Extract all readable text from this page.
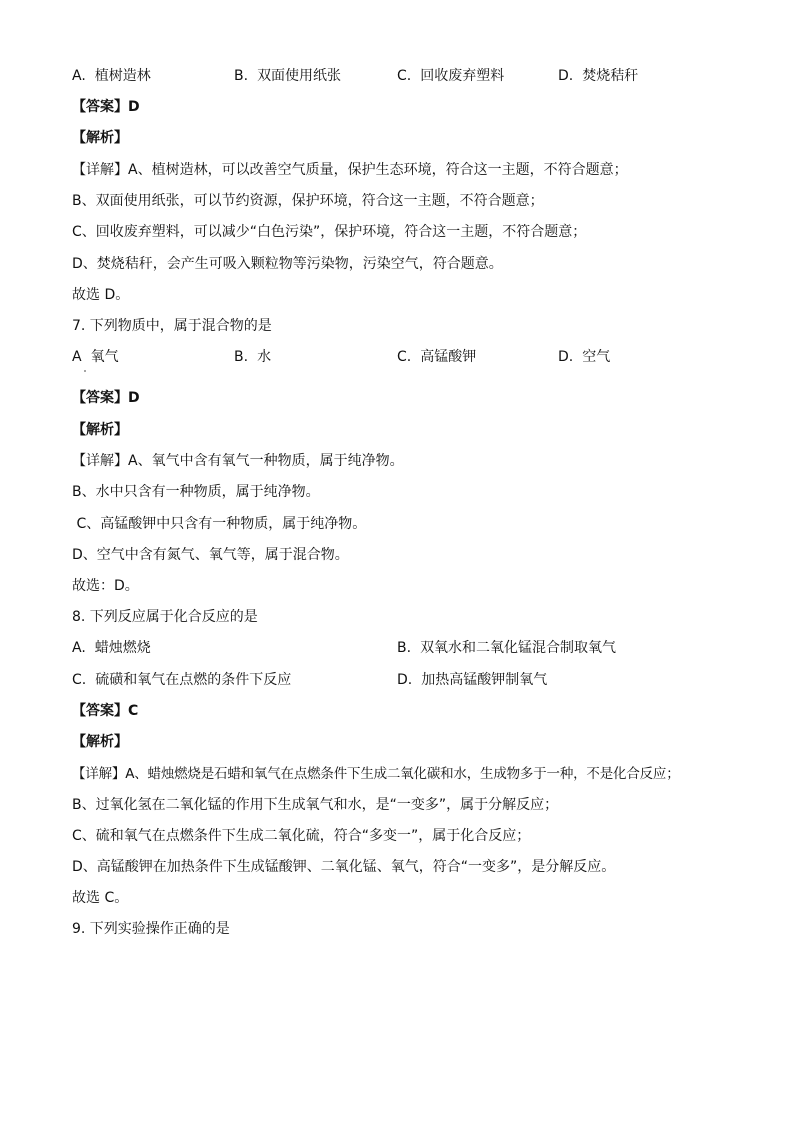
A. 植树造林	B. 双面使用纸张	C. 回收废弃塑料	D. 焚烧秸秆
【答案】D
【解析】
【详解】A、植树造林，可以改善空气质量，保护生态环境，符合这一主题，不符合题意；
B、双面使用纸张，可以节约资源，保护环境，符合这一主题，不符合题意；
C、回收废弃塑料，可以减少“白色污染”，保护环境，符合这一主题，不符合题意；
D、焚烧秸秆，会产生可吸入颗粒物等污染物，污染空气，符合题意。
故选 D。
7. 下列物质中，属于混合物的是
A 氧气	B. 水	C. 高锰酸钾	D. 空气
【答案】D
【解析】
【详解】A、氧气中含有氧气一种物质，属于纯净物。
B、水中只含有一种物质，属于纯净物。
C、高锰酸钾中只含有一种物质，属于纯净物。
D、空气中含有氮气、氧气等，属于混合物。
故选：D。
8. 下列反应属于化合反应的是
A. 蜡烛燃烧	B. 双氧水和二氧化锰混合制取氧气
C. 硫磺和氧气在点燃的条件下反应	D. 加热高锰酸钾制氧气
【答案】C
【解析】
【详解】A、蜡烛燃烧是石蜡和氧气在点燃条件下生成二氧化碳和水，生成物多于一种，不是化合反应；
B、过氧化氢在二氧化锰的作用下生成氧气和水，是“一变多”，属于分解反应；
C、硫和氧气在点燃条件下生成二氧化硫，符合“多变一”，属于化合反应；
D、高锰酸钾在加热条件下生成锰酸钾、二氧化锰、氧气，符合“一变多”，是分解反应。
故选 C。
9. 下列实验操作正确的是
